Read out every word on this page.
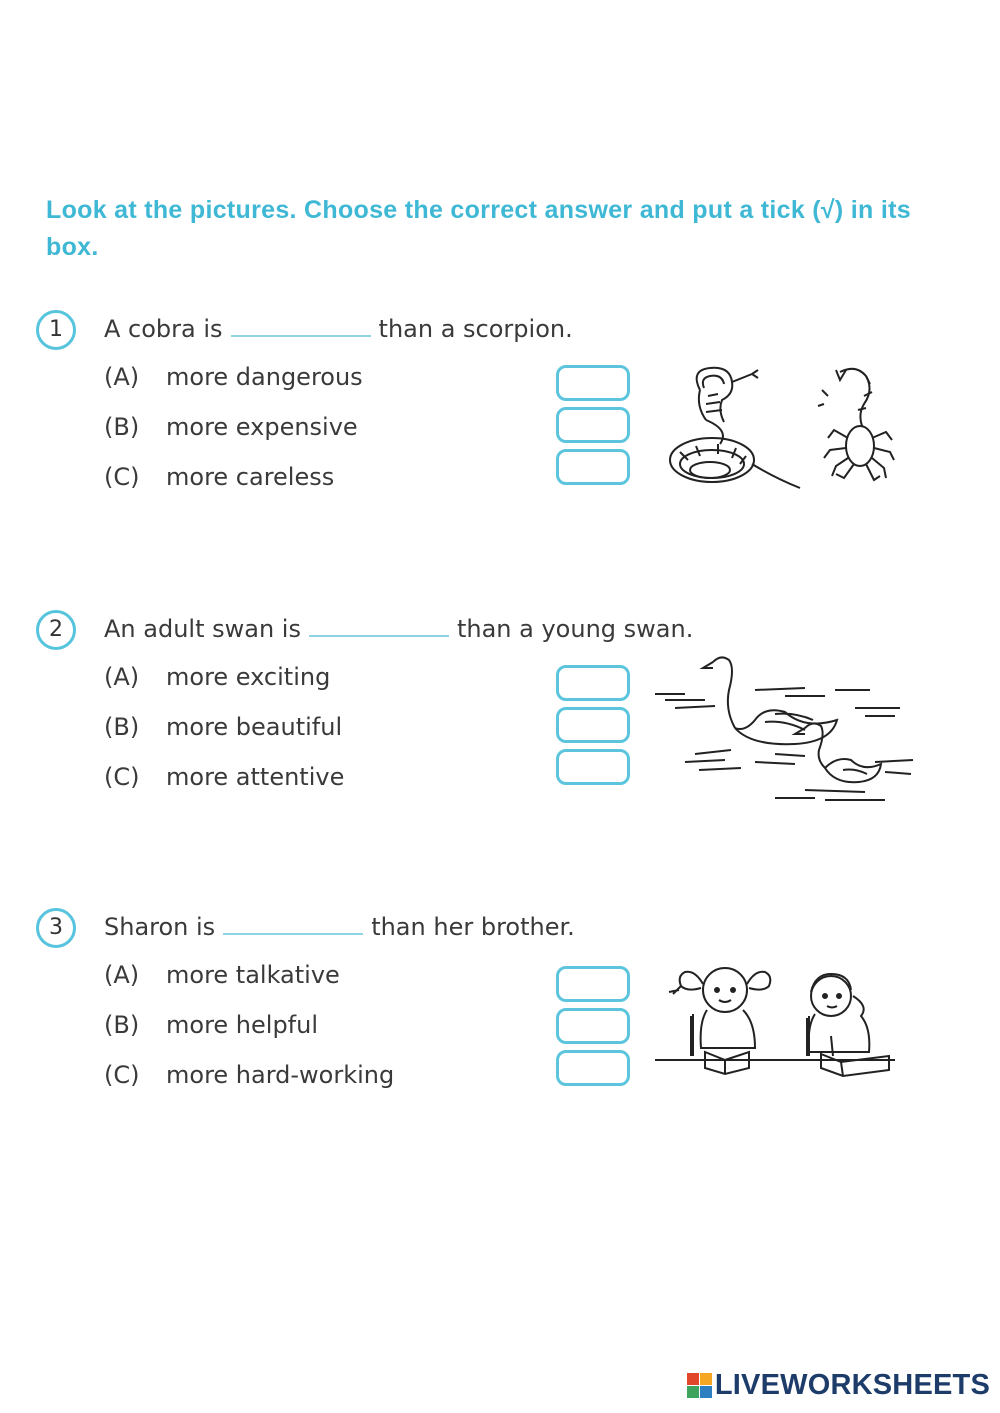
Look at the pictures. Choose the correct answer and put a tick (√) in its box.
1	A cobra is	than a scorpion.
(A) more dangerous
(B) more expensive
(C) more careless
2	An adult swan is	than a young swan.
(A) more exciting
(B) more beautiful
(C) more attentive
3	Sharon is	than her brother.
(A) more talkative
(B) more helpful
(C) more hard-working
LIVEWORKSHEETS
